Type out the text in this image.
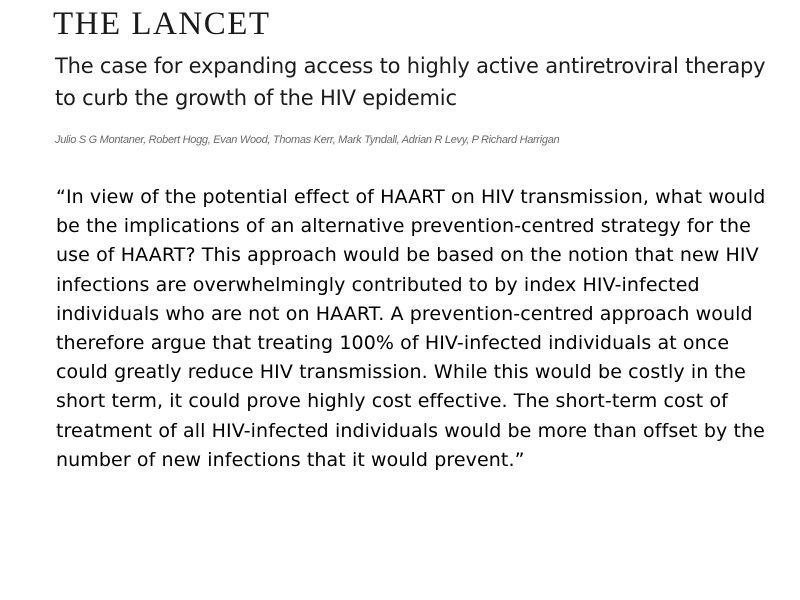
THE LANCET
The case for expanding access to highly active antiretroviral therapy to curb the growth of the HIV epidemic
Julio S G Montaner, Robert Hogg, Evan Wood, Thomas Kerr, Mark Tyndall, Adrian R Levy, P Richard Harrigan
“In view of the potential effect of HAART on HIV transmission, what would be the implications of an alternative prevention-centred strategy for the use of HAART? This approach would be based on the notion that new HIV infections are overwhelmingly contributed to by index HIV-infected individuals who are not on HAART. A prevention-centred approach would therefore argue that treating 100% of HIV-infected individuals at once could greatly reduce HIV transmission. While this would be costly in the short term, it could prove highly cost effective. The short-term cost of treatment of all HIV-infected individuals would be more than offset by the number of new infections that it would prevent.”
